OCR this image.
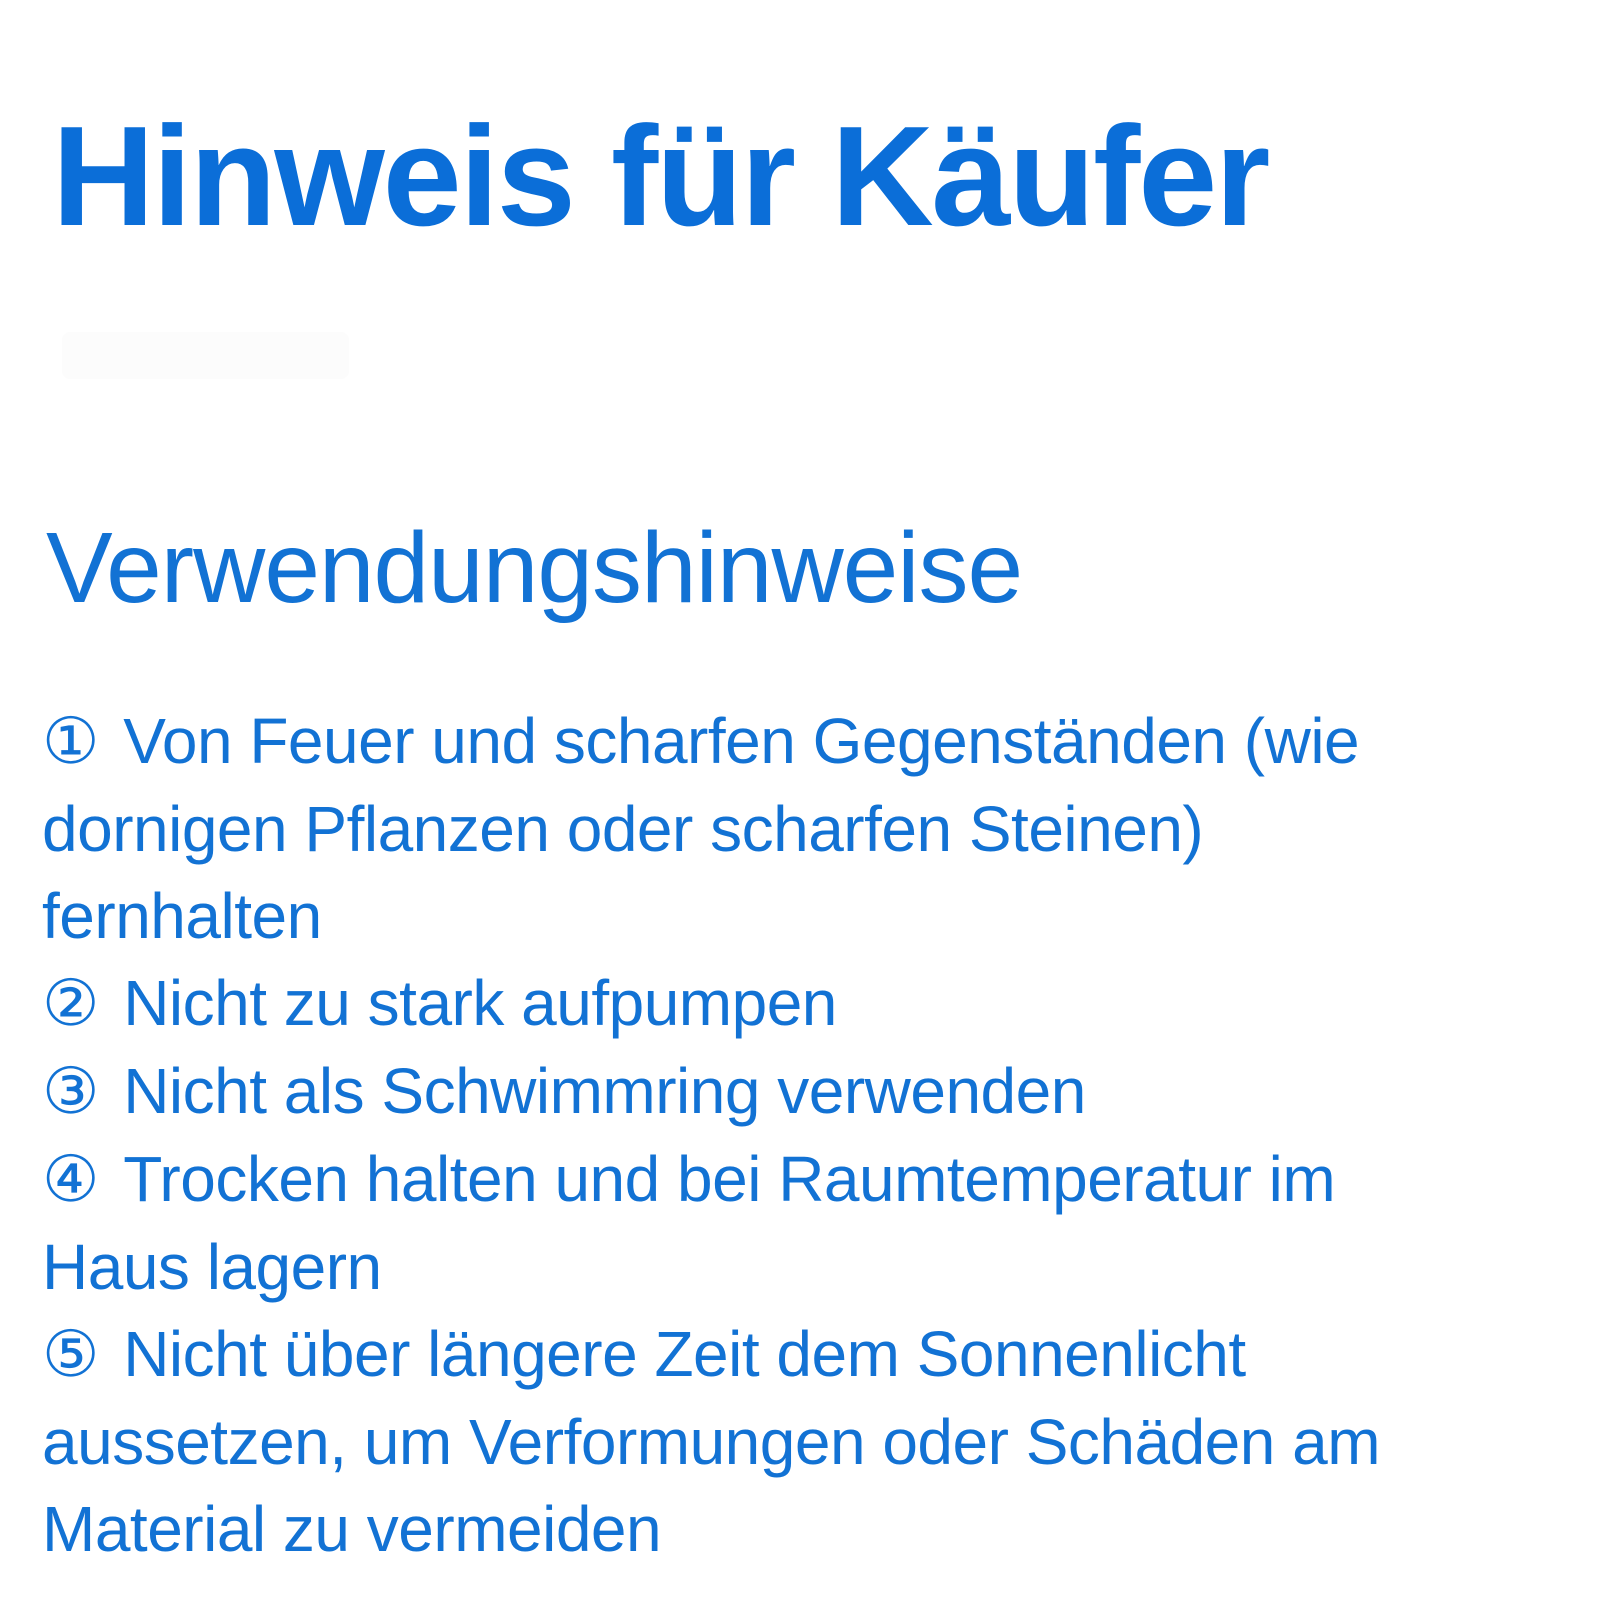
Hinweis für Käufer
Verwendungshinweise
① Von Feuer und scharfen Gegenständen (wie dornigen Pflanzen oder scharfen Steinen) fernhalten
② Nicht zu stark aufpumpen
③ Nicht als Schwimmring verwenden
④ Trocken halten und bei Raumtemperatur im Haus lagern
⑤ Nicht über längere Zeit dem Sonnenlicht aussetzen, um Verformungen oder Schäden am Material zu vermeiden
